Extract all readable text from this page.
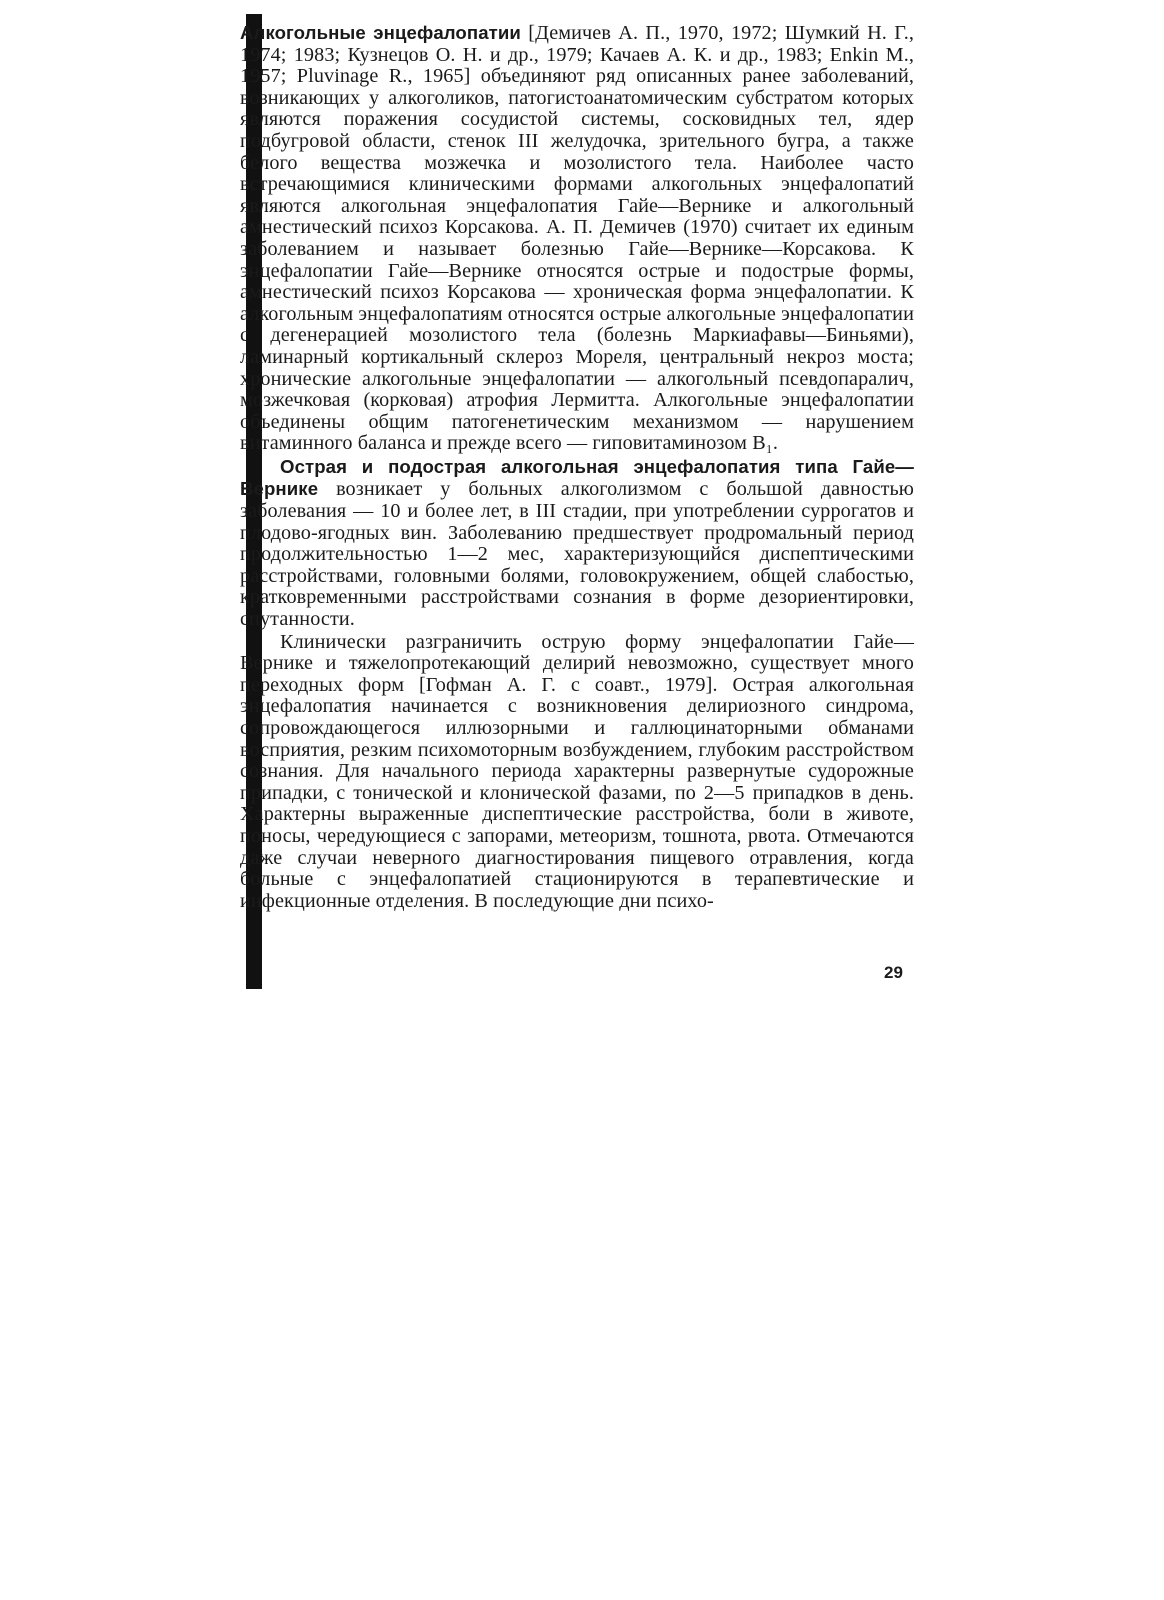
Алкогольные энцефалопатии [Демичев А. П., 1970, 1972; Шумкий Н. Г., 1974; 1983; Кузнецов О. Н. и др., 1979; Качаев А. К. и др., 1983; Enkin M., 1957; Pluvinage R., 1965] объединяют ряд описанных ранее заболеваний, возникающих у алкоголиков, патогистоанатомическим субстратом которых являются поражения сосудистой системы, сосковидных тел, ядер подбугровой области, стенок III желудочка, зрительного бугра, а также белого вещества мозжечка и мозолистого тела. Наиболее часто встречающимися клиническими формами алкогольных энцефалопатий являются алкогольная энцефалопатия Гайе—Вернике и алкогольный амнестический психоз Корсакова. А. П. Демичев (1970) считает их единым заболеванием и называет болезнью Гайе—Вернике—Корсакова. К энцефалопатии Гайе—Вернике относятся острые и подострые формы, амнестический психоз Корсакова — хроническая форма энцефалопатии. К алкогольным энцефалопатиям относятся острые алкогольные энцефалопатии с дегенерацией мозолистого тела (болезнь Маркиафавы—Биньями), ламинарный кортикальный склероз Мореля, центральный некроз моста; хронические алкогольные энцефалопатии — алкогольный псевдопаралич, мозжечковая (корковая) атрофия Лермитта. Алкогольные энцефалопатии объединены общим патогенетическим механизмом — нарушением витаминного баланса и прежде всего — гиповитаминозом B₁.

Острая и подострая алкогольная энцефалопатия типа Гайе—Вернике возникает у больных алкоголизмом с большой давностью заболевания — 10 и более лет, в III стадии, при употреблении суррогатов и плодово-ягодных вин. Заболеванию предшествует продромальный период продолжительностью 1—2 мес, характеризующийся диспептическими расстройствами, головными болями, головокружением, общей слабостью, кратковременными расстройствами сознания в форме дезориентировки, спутанности.

Клинически разграничить острую форму энцефалопатии Гайе—Вернике и тяжелопротекающий делирий невозможно, существует много переходных форм [Гофман А. Г. с соавт., 1979]. Острая алкогольная энцефалопатия начинается с возникновения делириозного синдрома, сопровождающегося иллюзорными и галлюцинаторными обманами восприятия, резким психомоторным возбуждением, глубоким расстройством сознания. Для начального периода характерны развернутые судорожные припадки, с тонической и клонической фазами, по 2—5 припадков в день. Характерны выраженные диспептические расстройства, боли в животе, поносы, чередующиеся с запорами, метеоризм, тошнота, рвота. Отмечаются даже случаи неверного диагностирования пищевого отравления, когда больные с энцефалопатией стационируются в терапевтические и инфекционные отделения. В последующие дни психо-

29
